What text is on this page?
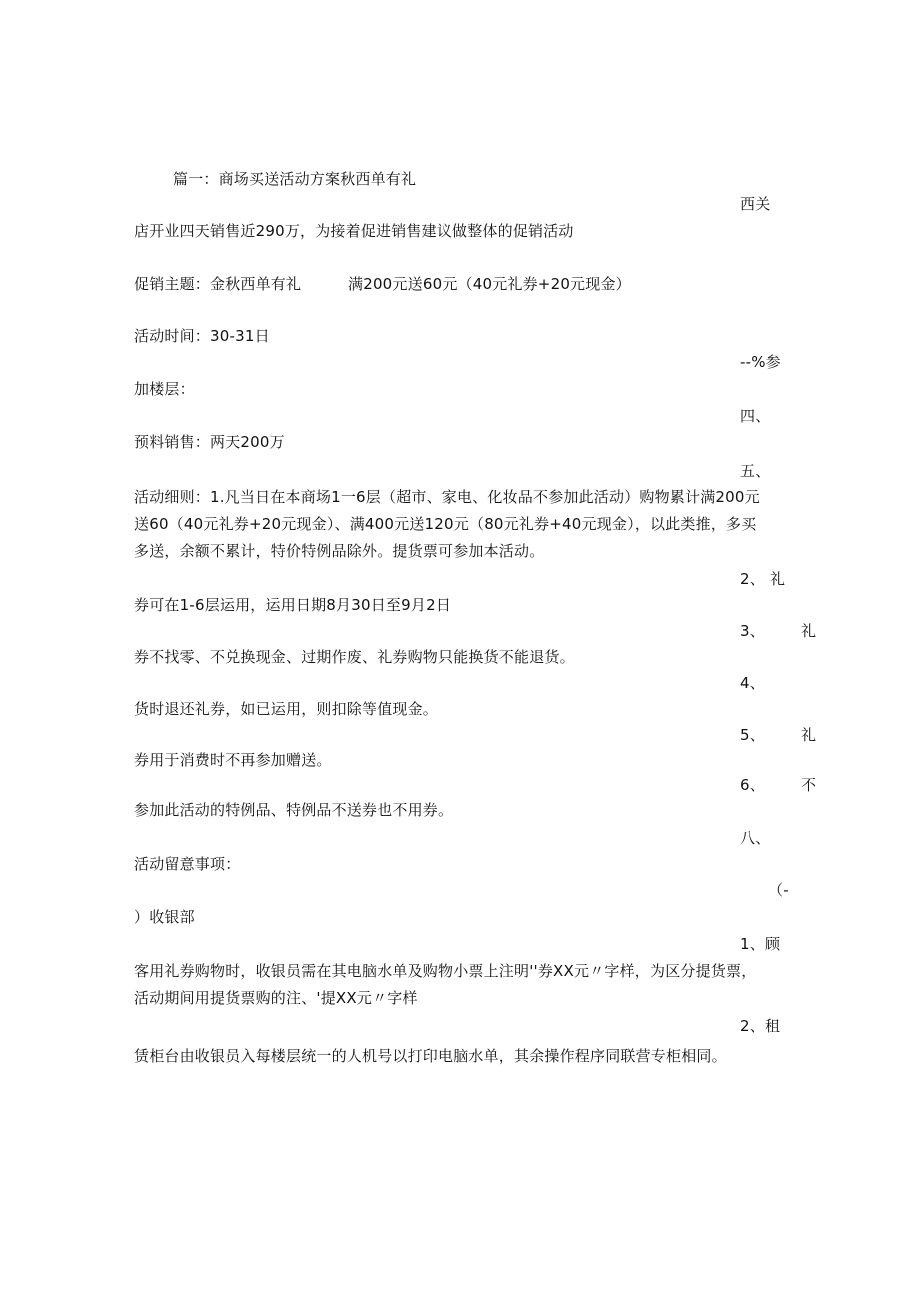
篇一：商场买送活动方案秋西单有礼
西关
店开业四天销售近290万，为接着促进销售建议做整体的促销活动
促销主题：金秋西单有礼	满200元送60元（40元礼券+20元现金）
活动时间：30-31日
--%参
加楼层：
四、
预料销售：两天200万
五、
活动细则：1.凡当日在本商场1一6层（超市、家电、化妆品不参加此活动）购物累计满200元
送60（40元礼券+20元现金）、满400元送120元（80元礼券+40元现金），以此类推，多买
多送，余额不累计，特价特例品除外。提货票可参加本活动。
2、 礼
券可在1-6层运用，运用日期8月30日至9月2日
3、 礼
券不找零、不兑换现金、过期作废、礼券购物只能换货不能退货。
4、
货时退还礼券，如已运用，则扣除等值现金。
5、 礼
券用于消费时不再参加赠送。
6、 不
参加此活动的特例品、特例品不送券也不用券。
八、
活动留意事项：
（-
）收银部
1、顾
客用礼券购物时，收银员需在其电脑水单及购物小票上注明''券XX元〃字样，为区分提货票，
活动期间用提货票购的注、'提XX元〃字样
2、租
赁柜台由收银员入每楼层统一的人机号以打印电脑水单，其余操作程序同联营专柜相同。
